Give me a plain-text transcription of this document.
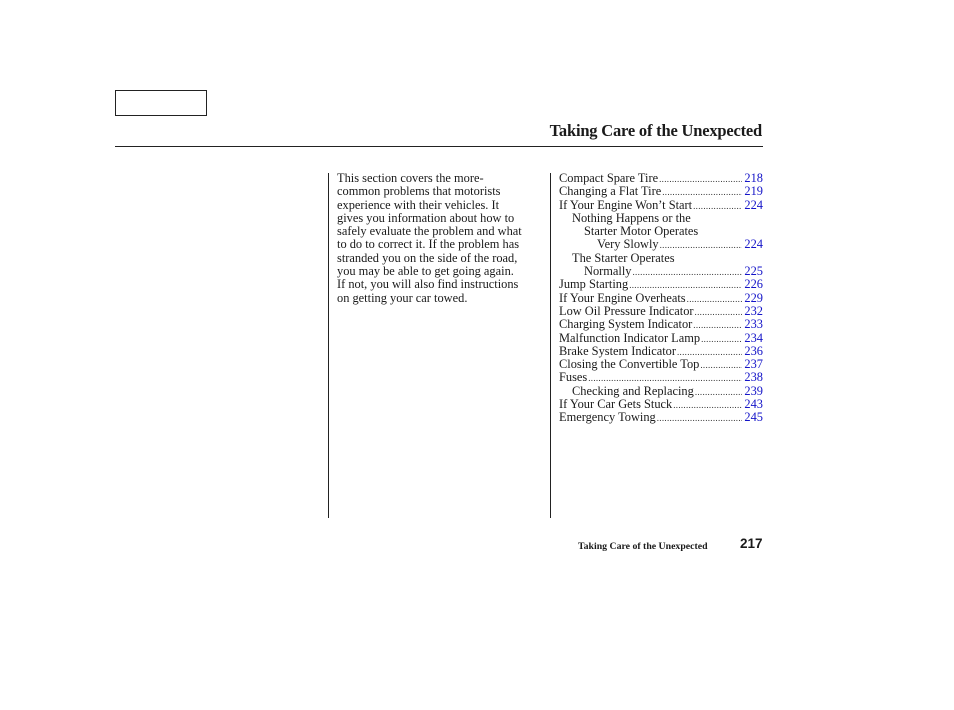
Taking Care of the Unexpected
This section covers the more-
common problems that motorists
experience with their vehicles. It
gives you information about how to
safely evaluate the problem and what
to do to correct it. If the problem has
stranded you on the side of the road,
you may be able to get going again.
If not, you will also find instructions
on getting your car towed.
Compact Spare Tire .....	218
Changing a Flat Tire .....	219
If Your Engine Won’t Start .....	224
Nothing Happens or the
Starter Motor Operates
Very Slowly .....	224
The Starter Operates
Normally .....	225
Jump Starting .....	226
If Your Engine Overheats .....	229
Low Oil Pressure Indicator .....	232
Charging System Indicator .....	233
Malfunction Indicator Lamp .....	234
Brake System Indicator .....	236
Closing the Convertible Top .....	237
Fuses .....	238
Checking and Replacing .....	239
If Your Car Gets Stuck .....	243
Emergency Towing .....	245
Taking Care of the Unexpected 217
